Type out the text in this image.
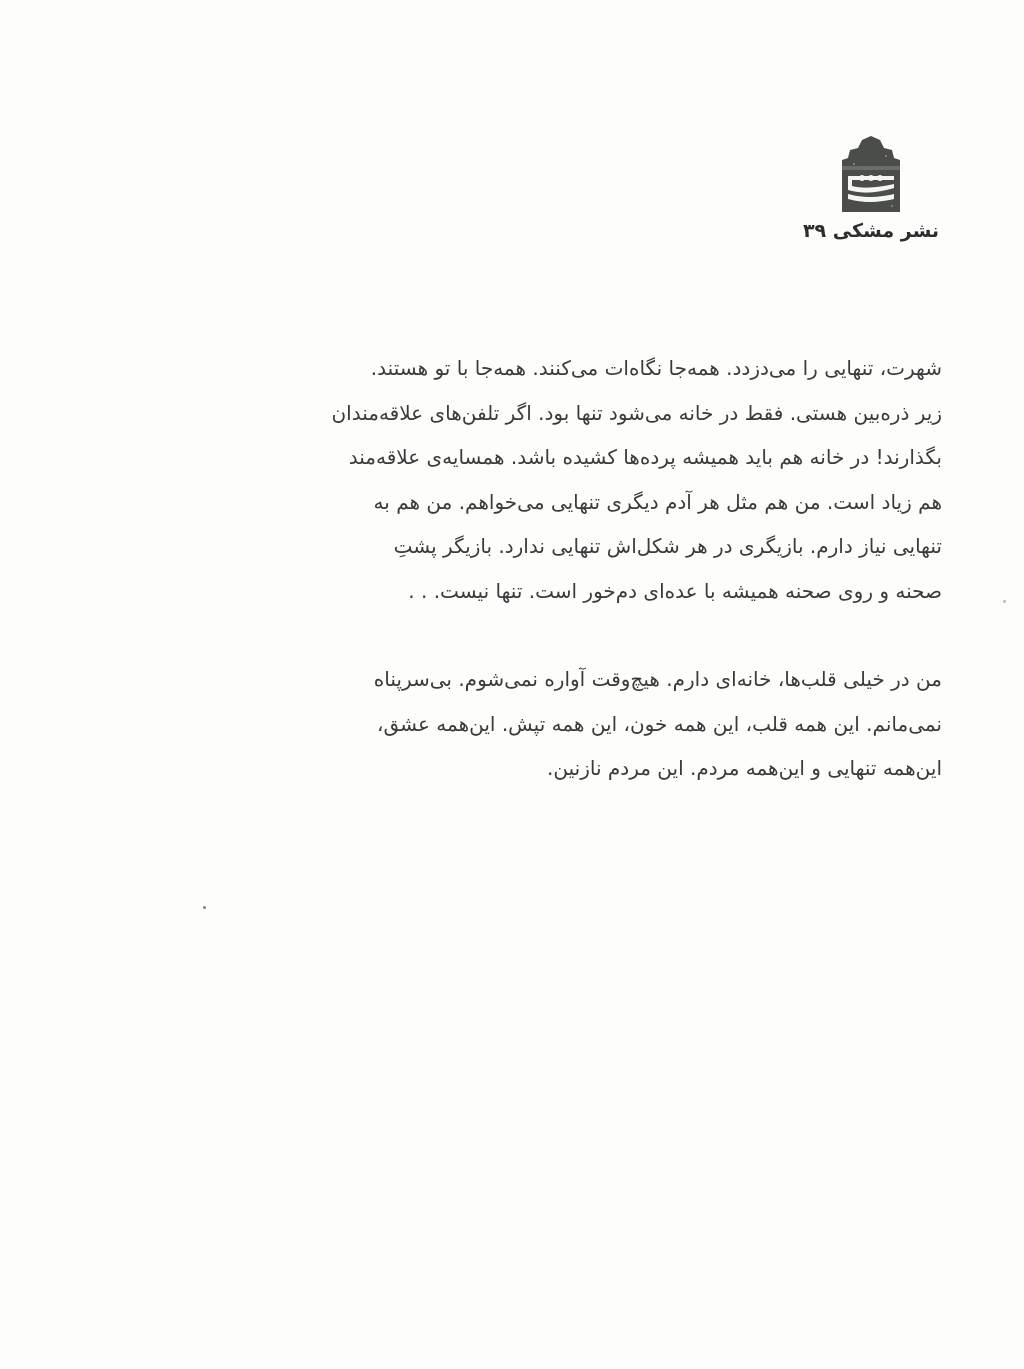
نشر مشکی ۳۹

شهرت، تنهایی را می‌دزدد. همه‌جا نگاه‌ات می‌کنند. همه‌جا با تو هستند.
زیر ذره‌بین هستی. فقط در خانه می‌شود تنها بود. اگر تلفن‌های علاقه‌مندان
بگذارند! در خانه هم باید همیشه پرده‌ها کشیده باشد. همسایه‌ی علاقه‌مند
هم زیاد است. من هم مثل هر آدم دیگری تنهایی می‌خواهم. من هم به
تنهایی نیاز دارم. بازیگری در هر شکل‌اش تنهایی ندارد. بازیگر پشتِ
صحنه و روی صحنه همیشه با عده‌ای دم‌خور است. تنها نیست. . .

من در خیلی قلب‌ها، خانه‌ای دارم. هیچ‌وقت آواره نمی‌شوم. بی‌سرپناه
نمی‌مانم. این همه قلب، این همه خون، این همه تپش. این‌همه عشق،
این‌همه تنهایی و این‌همه مردم. این مردم نازنین.
